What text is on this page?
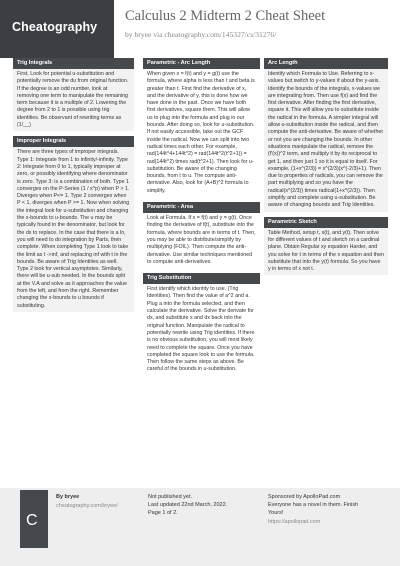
Cheatography
Calculus 2 Midterm 2 Cheat Sheet
by bryee via cheatography.com/145327/cs/31276/
Trig Integrals
First, Look for potential u-substitution and potentially remove the du from original function. If the degree is an odd number, look at removing one term to manipulate the remaining term because it is a multiple of 2. Lowering the degree from 2 to 1 is possible using trig identities. Be observant of rewriting terms as (1/__)
Improper Integrals
There are three types of improper integrals. Type 1: Integrate from 1 to infinity/-infinity. Type 2: Integrate from 0 to 1, typically improper at zero, or possibly identifying where denominator is zero. Type 3: is a combination of both. Type 1 converges on the P-Series (1 / x^p) when P > 1. Diverges when P<= 1. Type 2 converges when P < 1, diverges when P >= 1. Now when solving the integral look for u-substitution and changing the x-bounds to u-bounds. The u may be typically found in the denominator, but look for the dx to replace. In the case that there is a ln, you will need to do integration by Parts, then complete. When completing Type 1 look to take the limit as t ->inf, and replacing inf with t in the bounds. Be aware of Trig Identities as well. Type 2 look for vertical asymptotes. Similarly, there will be u-sub needed. In the bounds split at the V.A and solve as it approaches the value from the left, and from the right. Remember changing the x-bounds to u bounds if substituting.
Parametric - Arc Length
When given x = f(t) and y = g(t) use the formula, where alpha is less than t and beta is greater than t. First find the derivative of x, and the derivative of y, this is done how we have done in the past. Once we have both first derivatives, square them. This will allow us to plug into the formula and plug in our bounds. After doing so, look for u-substitution. If not easily accessible, take out the GCF inside the radical. Now we can split into two radical times each other. For example, rad(144t^4+144t^2) = rad(144t^2(t^2+1)) = rad(144t^2) times rad(t^2+1). Then look for u-substitution. Be aware of the changing bounds, from t to u. The compute anti-derivative. Also, look for (A+B)^2 formula to simplify.
Parametric - Area
Look at Formula. If x = f(t) and y = g(t). Once finding the derivative of f(t), substitute into the formula, where bounds are in terms of t. Then, you may be able to distribute/simplify by multiplying (FOIL). Then compute the anti-derivative. Use similar techniques mentioned to compute anti-derivatives.
Trig Substitution
First identify which identity to use. (Trig Identities). Then find the value of a^2 and a. Plug a into the formula selected, and then calculate the derivative. Solve the derivate for dx, and substitute x and dx back into the original function. Manipulate the radical to potentially rewrite using Trig identities. If there is no obvious substitution, you will most likely need to complete the square. Once you have completed the square look to use the formula. Then follow the same steps as above. Be careful of the bounds in u-substitution.
Arc Length
Identify which Formula to Use. Referring to x-values but switch to y-values if about the y-axis. Identify the bounds of the integrals, x-values we are integrating from. Then use f(x) and find the first derivative. After finding the first derivative, square it. This will allow you to substitute inside the radical in the formula. A simpler integral will allow u-substitution inside the radical, and then compute the anti-derivative. Be aware of whether or not you are changing the bounds. In other situations manipulate the radical, remove the (f'(x))^2 term, and multiply it by its reciprocal to get 1, and then just 1 so it is equal to itself. For example, (1+x^(2/3)) = x^(2/3)(x^(-2/3)+1). Then due to properties of radicals, you can remove the part multiplying and so you have the radical(x^(2/3)) times radical(1+x^(2/3)). Then simplify and complete using u-substitution. Be aware of changing bounds and Trig Identities.
Parametric Sketch
Table Method, setup t, x(t), and y(t). Then solve for different values of t and sketch on a cardinal plane. Obtain Regular xy equation Harder, and you solve for t in terms of the x equation and then substitute that into the y(t) formula. So you have y in terms of x not t.
C
By bryee
cheatography.com/bryee/
Not published yet.
Last updated 22nd March, 2022.
Page 1 of 2.
Sponsored by ApolloPad.com
Everyone has a novel in them. Finish
Yours!
https://apollopad.com
